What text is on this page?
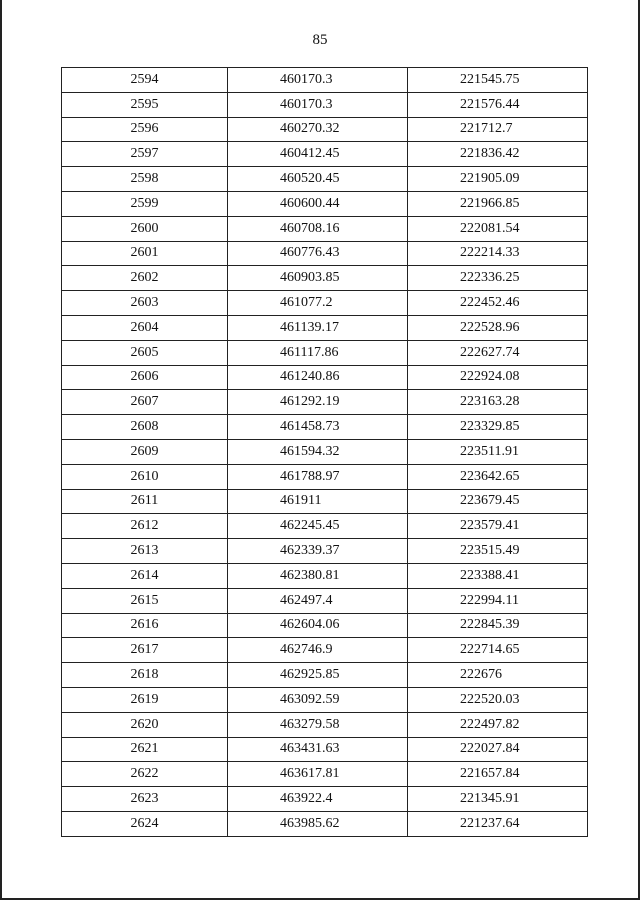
85
2594	460170.3	221545.75
2595	460170.3	221576.44
2596	460270.32	221712.7
2597	460412.45	221836.42
2598	460520.45	221905.09
2599	460600.44	221966.85
2600	460708.16	222081.54
2601	460776.43	222214.33
2602	460903.85	222336.25
2603	461077.2	222452.46
2604	461139.17	222528.96
2605	461117.86	222627.74
2606	461240.86	222924.08
2607	461292.19	223163.28
2608	461458.73	223329.85
2609	461594.32	223511.91
2610	461788.97	223642.65
2611	461911	223679.45
2612	462245.45	223579.41
2613	462339.37	223515.49
2614	462380.81	223388.41
2615	462497.4	222994.11
2616	462604.06	222845.39
2617	462746.9	222714.65
2618	462925.85	222676
2619	463092.59	222520.03
2620	463279.58	222497.82
2621	463431.63	222027.84
2622	463617.81	221657.84
2623	463922.4	221345.91
2624	463985.62	221237.64
